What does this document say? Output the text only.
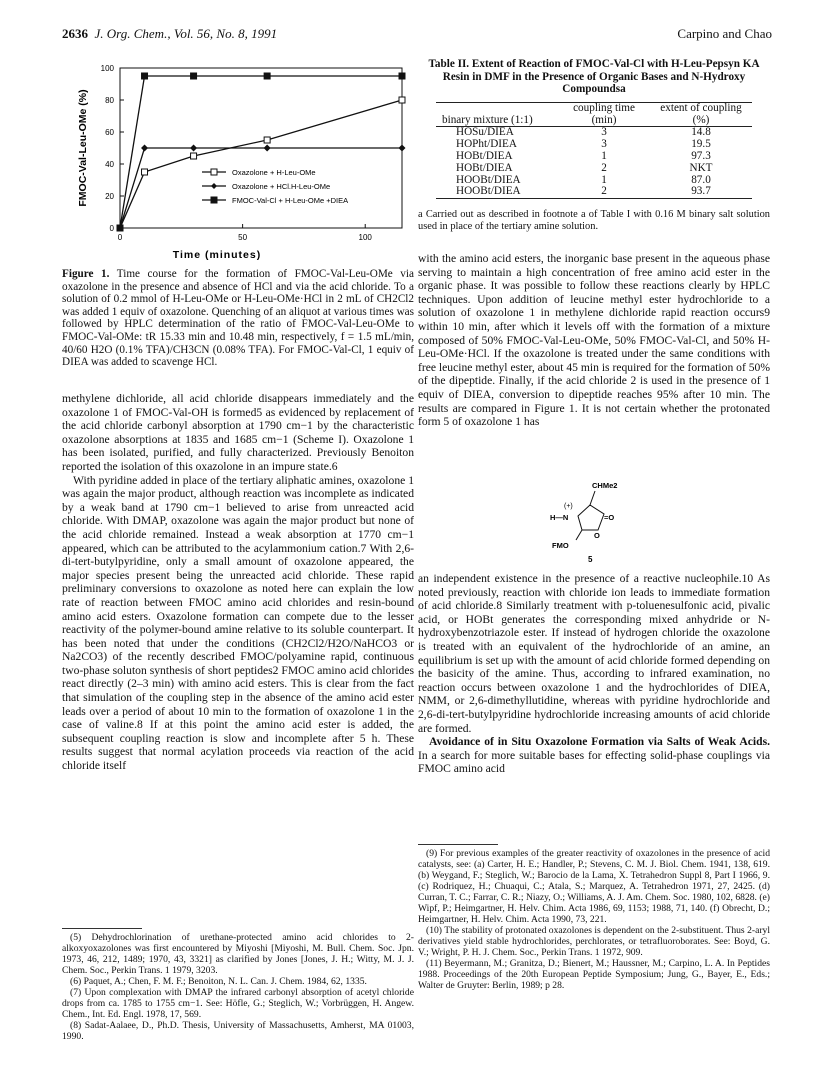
2636 J. Org. Chem., Vol. 56, No. 8, 1991	Carpino and Chao
100
80
60
40
20
0
0	50	100
Time (minutes)
FMOC-Val-Leu-OMe (%)	Oxazolone + H-Leu-OMe
Oxazolone + HCl.H-Leu-OMe
FMOC-Val-Cl + H-Leu-OMe +DIEA
Figure 1. Time course for the formation of FMOC-Val-Leu-OMe via oxazolone in the presence and absence of HCl and via the acid chloride. To a solution of 0.2 mmol of H-Leu-OMe or H-Leu-OMe·HCl in 2 mL of CH2Cl2 was added 1 equiv of oxazolone. Quenching of an aliquot at various times was followed by HPLC determination of the ratio of FMOC-Val-Leu-OMe to FMOC-Val-OMe: tR 15.33 min and 10.48 min, respectively, f = 1.5 mL/min, 40/60 H2O (0.1% TFA)/CH3CN (0.08% TFA). For FMOC-Val-Cl, 1 equiv of DIEA was added to scavenge HCl.

methylene dichloride, all acid chloride disappears immediately and the oxazolone 1 of FMOC-Val-OH is formed5 as evidenced by replacement of the acid chloride carbonyl absorption at 1790 cm−1 by the characteristic oxazolone absorptions at 1835 and 1685 cm−1 (Scheme I). Oxazolone 1 has been isolated, purified, and fully characterized. Previously Benoiton reported the isolation of this oxazolone in an impure state.6

With pyridine added in place of the tertiary aliphatic amines, oxazolone 1 was again the major product, although reaction was incomplete as indicated by a weak band at 1790 cm−1 believed to arise from unreacted acid chloride. With DMAP, oxazolone was again the major product but none of the acid chloride remained. Instead a weak absorption at 1770 cm−1 appeared, which can be attributed to the acylammonium cation.7 With 2,6-di-tert-butylpyridine, only a small amount of oxazolone appeared, the major species present being the unreacted acid chloride. These rapid preliminary conversions to oxazolone as noted here can explain the low rate of reaction between FMOC amino acid chlorides and resin-bound amino acid esters. Oxazolone formation can compete due to the lesser reactivity of the polymer-bound amine relative to its soluble counterpart. It has been noted that under the conditions (CH2Cl2/H2O/NaHCO3 or Na2CO3) of the recently described FMOC/polyamine rapid, continuous two-phase soluton synthesis of short peptides2 FMOC amino acid chlorides react directly (2–3 min) with amino acid esters. This is clear from the fact that simulation of the coupling step in the absence of the amino acid ester leads over a period of about 10 min to the formation of oxazolone 1 in the case of valine.8 If at this point the amino acid ester is added, the subsequent coupling reaction is slow and incomplete after 5 h. These results suggest that normal acylation proceeds via reaction of the acid chloride itself

(5) Dehydrochlorination of urethane-protected amino acid chlorides to 2-alkoxyoxazolones was first encountered by Miyoshi [Miyoshi, M. Bull. Chem. Soc. Jpn. 1973, 46, 212, 1489; 1970, 43, 3321] as clarified by Jones [Jones, J. H.; Witty, M. J. J. Chem. Soc., Perkin Trans. 1 1979, 3203.

(6) Paquet, A.; Chen, F. M. F.; Benoiton, N. L. Can. J. Chem. 1984, 62, 1335.

(7) Upon complexation with DMAP the infrared carbonyl absorption of acetyl chloride drops from ca. 1785 to 1755 cm−1. See: Höfle, G.; Steglich, W.; Vorbrüggen, H. Angew. Chem., Int. Ed. Engl. 1978, 17, 569.

(8) Sadat-Aalaee, D., Ph.D. Thesis, University of Massachusetts, Amherst, MA 01003, 1990.

Table II. Extent of Reaction of FMOC-Val-Cl with H-Leu-Pepsyn KA Resin in DMF in the Presence of Organic Bases and N-Hydroxy Compoundsa
binary mixture (1:1)	coupling time (min)	extent of coupling (%)
HOSu/DIEA	3	14.8
HOPht/DIEA	3	19.5
HOBt/DIEA	1	97.3
HOBt/DIEA	2	NKT
HOOBt/DIEA	1	87.0
HOOBt/DIEA	2	93.7
a Carried out as described in footnote a of Table I with 0.16 M binary salt solution used in place of the tertiary amine solution.

with the amino acid esters, the inorganic base present in the aqueous phase serving to maintain a high concentration of free amino acid ester in the organic phase. It was possible to follow these reactions clearly by HPLC techniques. Upon addition of leucine methyl ester hydrochloride to a solution of oxazolone 1 in methylene dichloride rapid reaction occurs9 within 10 min, after which it levels off with the formation of a mixture composed of 50% FMOC-Val-Leu-OMe, 50% FMOC-Val-Cl, and 50% H-Leu-OMe·HCl. If the oxazolone is treated under the same conditions with free leucine methyl ester, about 45 min is required for the formation of 50% of the dipeptide. Finally, if the acid chloride 2 is used in the presence of 1 equiv of DIEA, conversion to dipeptide reaches 95% after 10 min. The results are compared in Figure 1. It is not certain whether the protonated form 5 of oxazolone 1 has

CHMe2
(+)
H—N	=O
O
FMO
5

an independent existence in the presence of a reactive nucleophile.10 As noted previously, reaction with chloride ion leads to immediate formation of acid chloride.8 Similarly treatment with p-toluenesulfonic acid, pivalic acid, or HOBt generates the corresponding mixed anhydride or N-hydroxybenzotriazole ester. If instead of hydrogen chloride the oxazolone is treated with an equivalent of the hydrochloride of an amine, an equilibrium is set up with the amount of acid chloride formed depending on the basicity of the amine. Thus, according to infrared examination, no reaction occurs between oxazolone 1 and the hydrochlorides of DIEA, NMM, or 2,6-dimethyllutidine, whereas with pyridine hydrochloride and 2,6-di-tert-butylpyridine hydrochloride increasing amounts of acid chloride are formed.

Avoidance of in Situ Oxazolone Formation via Salts of Weak Acids. In a search for more suitable bases for effecting solid-phase couplings via FMOC amino acid

(9) For previous examples of the greater reactivity of oxazolones in the presence of acid catalysts, see: (a) Carter, H. E.; Handler, P.; Stevens, C. M. J. Biol. Chem. 1941, 138, 619. (b) Weygand, F.; Steglich, W.; Barocio de la Lama, X. Tetrahedron Suppl 8, Part I 1966, 9. (c) Rodriquez, H.; Chuaqui, C.; Atala, S.; Marquez, A. Tetrahedron 1971, 27, 2425. (d) Curran, T. C.; Farrar, C. R.; Niazy, O.; Williams, A. J. Am. Chem. Soc. 1980, 102, 6828. (e) Wipf, P.; Heimgartner, H. Helv. Chim. Acta 1986, 69, 1153; 1988, 71, 140. (f) Obrecht, D.; Heimgartner, H. Helv. Chim. Acta 1990, 73, 221.

(10) The stability of protonated oxazolones is dependent on the 2-substituent. Thus 2-aryl derivatives yield stable hydrochlorides, perchlorates, or tetrafluoroborates. See: Boyd, G. V.; Wright, P. H. J. Chem. Soc., Perkin Trans. 1 1972, 909.

(11) Beyermann, M.; Granitza, D.; Bienert, M.; Haussner, M.; Carpino, L. A. In Peptides 1988. Proceedings of the 20th European Peptide Symposium; Jung, G., Bayer, E., Eds.; Walter de Gruyter: Berlin, 1989; p 28.
